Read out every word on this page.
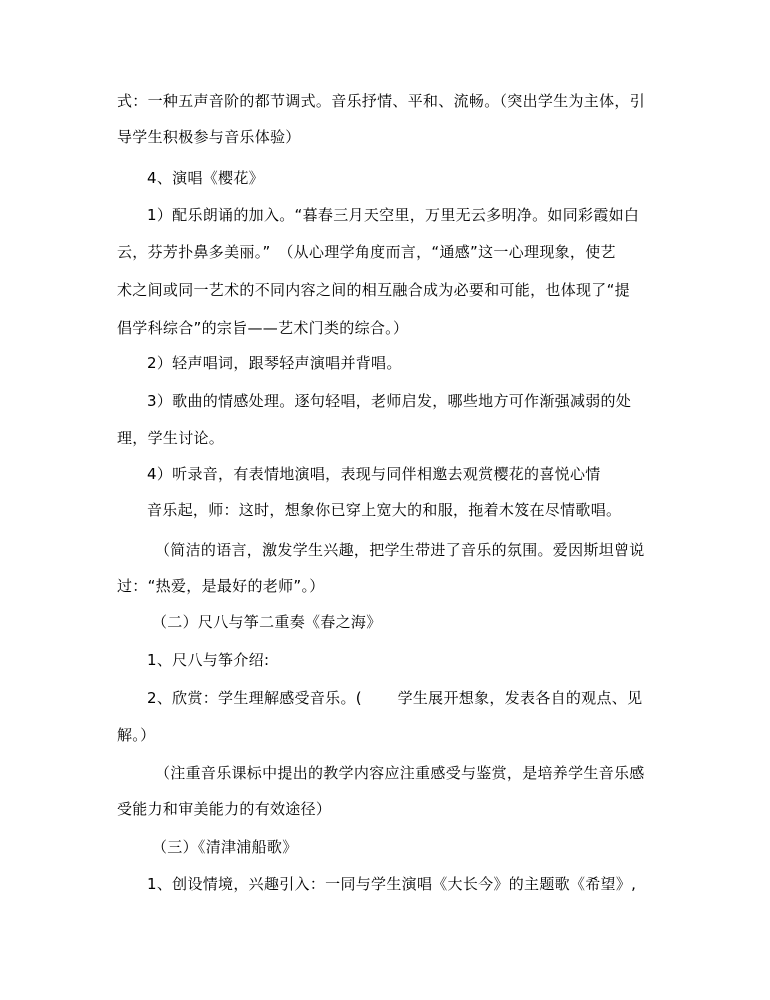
式：一种五声音阶的都节调式。音乐抒情、平和、流畅。（突出学生为主体，引
导学生积极参与音乐体验）
4、演唱《樱花》
1）配乐朗诵的加入。“暮春三月天空里，万里无云多明净。如同彩霞如白
云，芬芳扑鼻多美丽。”　（从心理学角度而言，“通感”这一心理现象，使艺
术之间或同一艺术的不同内容之间的相互融合成为必要和可能，也体现了“提
倡学科综合”的宗旨——艺术门类的综合。）
2）轻声唱词，跟琴轻声演唱并背唱。
3）歌曲的情感处理。逐句轻唱，老师启发，哪些地方可作渐强减弱的处
理，学生讨论。
4）听录音，有表情地演唱，表现与同伴相邀去观赏樱花的喜悦心情
音乐起，师：这时，想象你已穿上宽大的和服，拖着木笈在尽情歌唱。
（简洁的语言，激发学生兴趣，把学生带进了音乐的氛围。爱因斯坦曾说
过：“热爱，是最好的老师”。）
（二）尺八与筝二重奏《春之海》
1、尺八与筝介绍:
2、欣赏：学生理解感受音乐。(　　 学生展开想象，发表各自的观点、见
解。）
（注重音乐课标中提出的教学内容应注重感受与鉴赏，是培养学生音乐感
受能力和审美能力的有效途径）
（三）《清津浦船歌》
1、创设情境，兴趣引入：一同与学生演唱《大长今》的主题歌《希望》,
